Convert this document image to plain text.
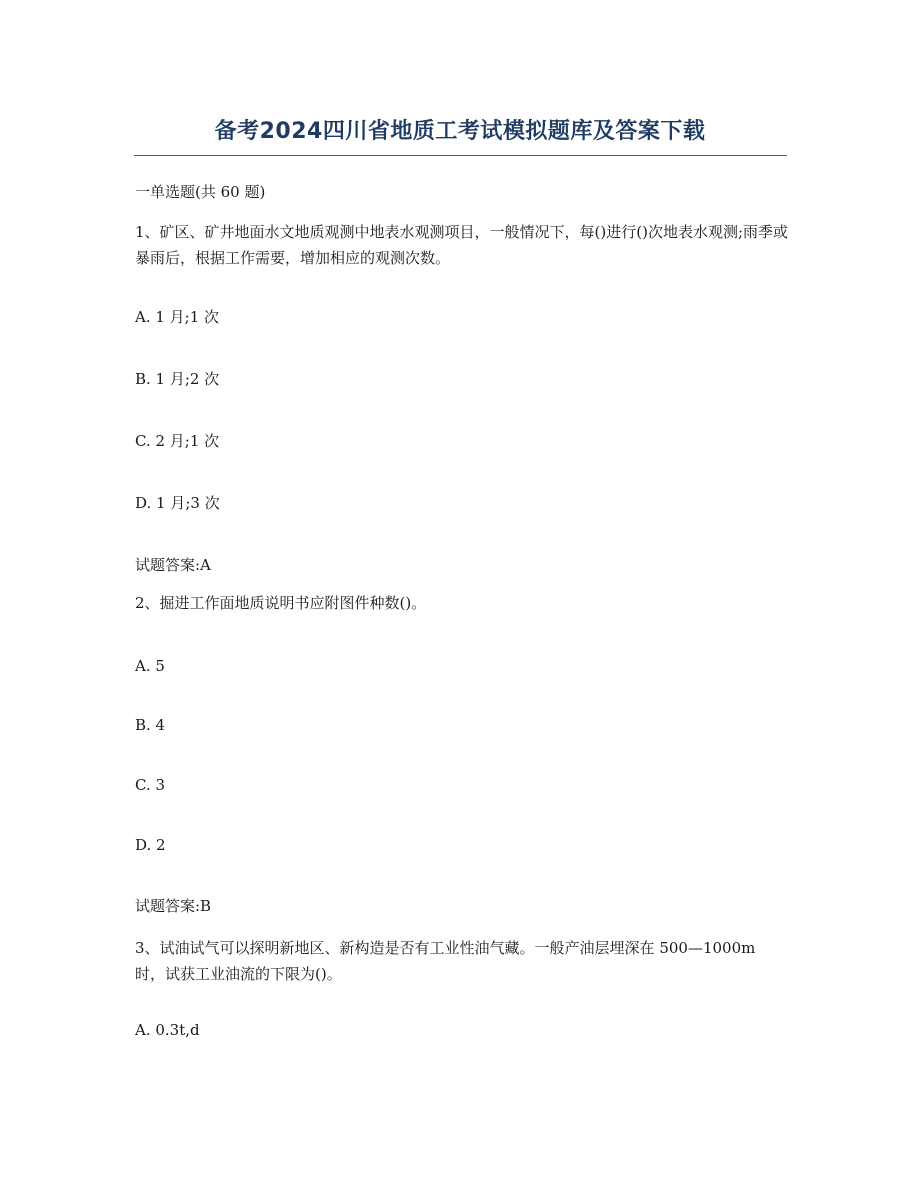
备考2024四川省地质工考试模拟题库及答案下载
一单选题(共 60 题)
1、矿区、矿井地面水文地质观测中地表水观测项目，一般情况下，每()进行()次地表水观测;雨季或暴雨后，根据工作需要，增加相应的观测次数。
A. 1 月;1 次
B. 1 月;2 次
C. 2 月;1 次
D. 1 月;3 次
试题答案:A
2、掘进工作面地质说明书应附图件种数()。
A. 5
B. 4
C. 3
D. 2
试题答案:B
3、试油试气可以探明新地区、新构造是否有工业性油气藏。一般产油层埋深在 500—1000m 时，试获工业油流的下限为()。
A. 0.3t,d
